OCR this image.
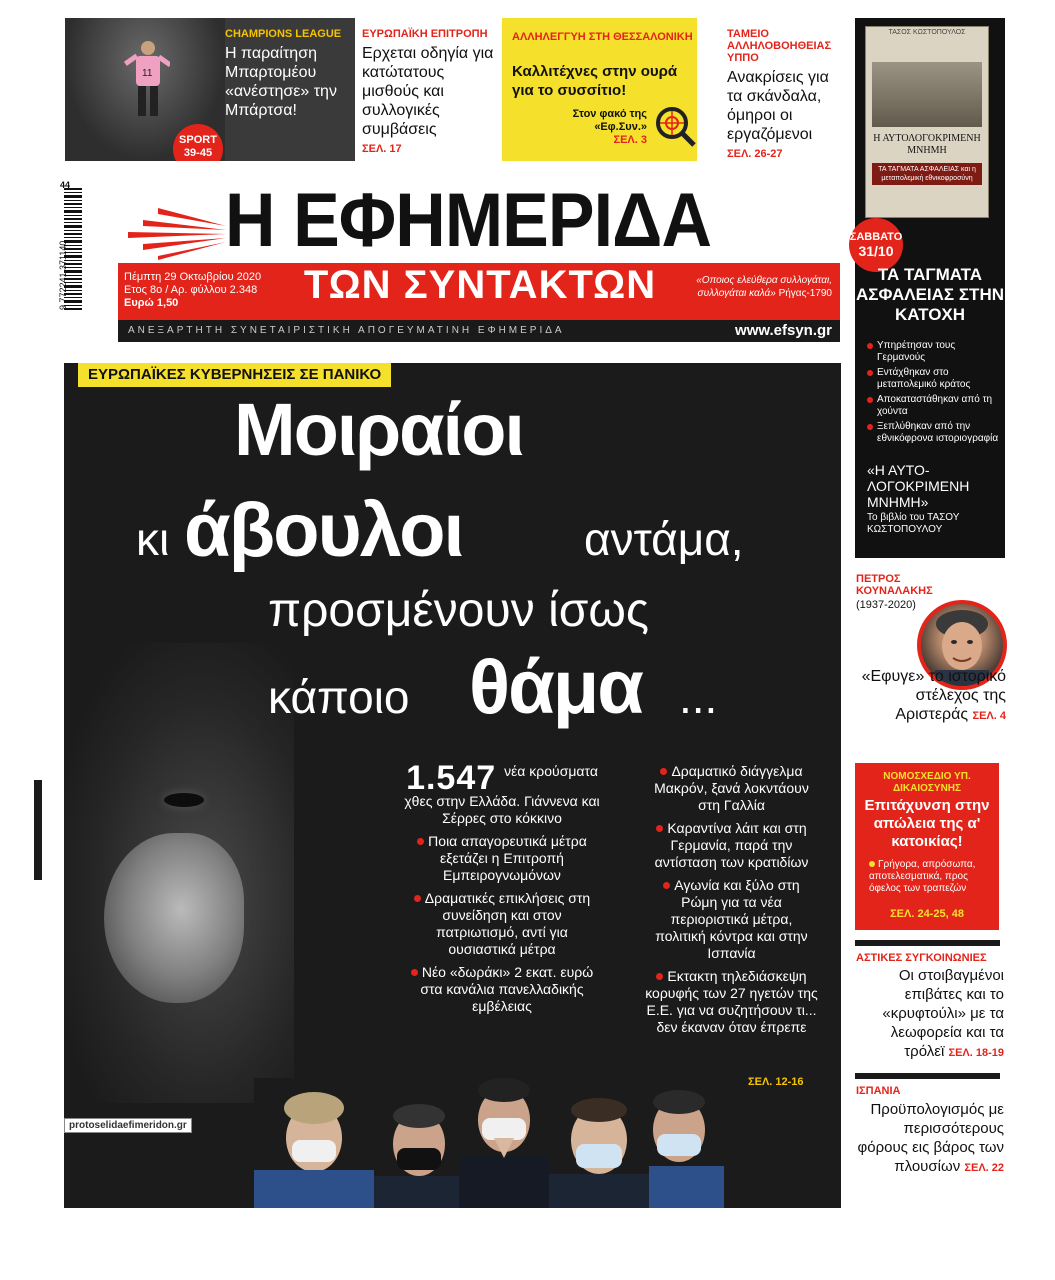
11
CHAMPIONS LEAGUE
Η παραίτηση Μπαρτομέου «ανέστησε» την Μπάρτσα!
SPORT
39-45
ΕΥΡΩΠΑΪΚΗ ΕΠΙΤΡΟΠΗ
Ερχεται οδηγία για κατώτατους μισθούς και συλλογικές συμβάσεις
ΣΕΛ. 17
ΑΛΛΗΛΕΓΓΥΗ ΣΤΗ ΘΕΣΣΑΛΟΝΙΚΗ
Καλλιτέχνες στην ουρά για το συσσίτιο!
Στον φακό της «Εφ.Συν.»
ΣΕΛ. 3
ΤΑΜΕΙΟ ΑΛΛΗΛΟΒΟΗΘΕΙΑΣ ΥΠΠΟ
Ανακρίσεις για τα σκάνδαλα, όμηροι οι εργαζόμενοι
ΣΕΛ. 26-27
ΤΑΣΟΣ ΚΩΣΤΟΠΟΥΛΟΣ
Η ΑΥΤΟΛΟΓΟΚΡΙΜΕΝΗ ΜΝΗΜΗ
ΤΑ ΤΑΓΜΑΤΑ ΑΣΦΑΛΕΙΑΣ και η μεταπολεμική εθνικοφροσύνη
ΣΑΒΒΑΤΟ
31/10
ΤΑ ΤΑΓΜΑΤΑ ΑΣΦΑΛΕΙΑΣ ΣΤΗΝ ΚΑΤΟΧΗ
Υπηρέτησαν τους Γερμανούς
Εντάχθηκαν στο μεταπολεμικό κράτος
Αποκαταστάθηκαν από τη χούντα
Ξεπλύθηκαν από την εθνικόφρονα ιστοριογραφία
«Η ΑΥΤΟ-ΛΟΓΟΚΡΙΜΕΝΗ ΜΝΗΜΗ»
Το βιβλίο του ΤΑΣΟΥ ΚΩΣΤΟΠΟΥΛΟΥ
9 772241 371140
44 Η ΕΦΗΜΕΡΙΔΑ
Πέμπτη 29 Οκτωβρίου 2020
Ετος 8ο / Αρ. φύλλου 2.348
Ευρώ 1,50	ΤΩΝ ΣΥΝΤΑΚΤΩΝ	«Οποιος ελεύθερα συλλογάται, συλλογάται καλά» Ρήγας-1790
ΑΝΕΞΑΡΤΗΤΗ ΣΥΝΕΤΑΙΡΙΣΤΙΚΗ ΑΠΟΓΕΥΜΑΤΙΝΗ ΕΦΗΜΕΡΙΔΑ	www.efsyn.gr
ΕΥΡΩΠΑΪΚΕΣ ΚΥΒΕΡΝΗΣΕΙΣ ΣΕ ΠΑΝΙΚΟ
Μοιραίοι
κι άβουλοι	αντάμα,
προσμένουν ίσως
κάποιο θάμα ...
1.547 νέα κρούσματα χθες στην Ελλάδα. Γιάννενα και Σέρρες στο κόκκινο
Ποια απαγορευτικά μέτρα εξετάζει η Επιτροπή Εμπειρογνωμόνων
Δραματικές επικλήσεις στη συνείδηση και στον πατριωτισμό, αντί για ουσιαστικά μέτρα
Νέο «δωράκι» 2 εκατ. ευρώ στα κανάλια πανελλαδικής εμβέλειας
Δραματικό διάγγελμα Μακρόν, ξανά λοκντάουν στη Γαλλία
Καραντίνα λάιτ και στη Γερμανία, παρά την αντίσταση των κρατιδίων
Αγωνία και ξύλο στη Ρώμη για τα νέα περιοριστικά μέτρα, πολιτική κόντρα και στην Ισπανία
Εκτακτη τηλεδιάσκεψη κορυφής των 27 ηγετών της Ε.Ε. για να συζητήσουν τι... δεν έκαναν όταν έπρεπε
ΣΕΛ. 12-16
ΠΕΤΡΟΣ ΚΟΥΝΑΛΑΚΗΣ
(1937-2020)
«Εφυγε» το ιστορικό στέλεχος της Αριστεράς ΣΕΛ. 4
ΝΟΜΟΣΧΕΔΙΟ ΥΠ. ΔΙΚΑΙΟΣΥΝΗΣ
Επιτάχυνση στην απώλεια της α' κατοικίας!
Γρήγορα, απρόσωπα, αποτελεσματικά, προς όφελος των τραπεζών
ΣΕΛ. 24-25, 48
ΑΣΤΙΚΕΣ ΣΥΓΚΟΙΝΩΝΙΕΣ
Οι στοιβαγμένοι επιβάτες και το «κρυφτούλι» με τα λεωφορεία και τα τρόλεϊ ΣΕΛ. 18-19
ΙΣΠΑΝΙΑ
Προϋπολογισμός με περισσότερους φόρους εις βάρος των πλουσίων ΣΕΛ. 22
protoselidaefimeridon.gr
